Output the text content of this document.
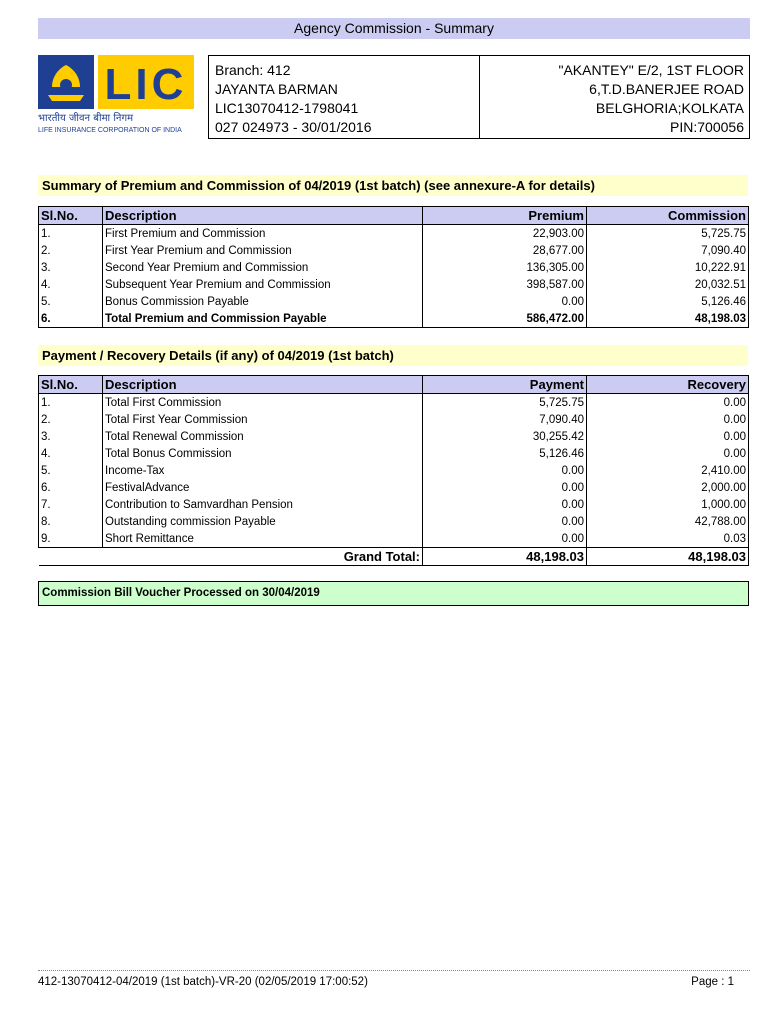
Agency Commission - Summary
LIC
भारतीय जीवन बीमा निगम
LIFE INSURANCE CORPORATION OF INDIA
Branch: 412
JAYANTA BARMAN
LIC13070412-1798041
027 024973 - 30/01/2016
"AKANTEY" E/2, 1ST FLOOR
6,T.D.BANERJEE ROAD
BELGHORIA;KOLKATA
PIN:700056
Summary of Premium and Commission of 04/2019 (1st batch) (see annexure-A for details)
Sl.No.	Description	Premium	Commission
1.	First Premium and Commission	22,903.00	5,725.75
2.	First Year Premium and Commission	28,677.00	7,090.40
3.	Second Year Premium and Commission	136,305.00	10,222.91
4.	Subsequent Year Premium and Commission	398,587.00	20,032.51
5.	Bonus Commission Payable	0.00	5,126.46
6.	Total Premium and Commission Payable	586,472.00	48,198.03
Payment / Recovery Details (if any) of 04/2019 (1st batch)
Sl.No.	Description	Payment	Recovery
1.	Total First Commission	5,725.75	0.00
2.	Total First Year Commission	7,090.40	0.00
3.	Total Renewal Commission	30,255.42	0.00
4.	Total Bonus Commission	5,126.46	0.00
5.	Income-Tax	0.00	2,410.00
6.	FestivalAdvance	0.00	2,000.00
7.	Contribution to Samvardhan Pension	0.00	1,000.00
8.	Outstanding commission Payable	0.00	42,788.00
9.	Short Remittance	0.00	0.03
	Grand Total:	48,198.03	48,198.03
Commission Bill Voucher Processed on 30/04/2019
412-13070412-04/2019 (1st batch)-VR-20 (02/05/2019 17:00:52)	Page : 1
